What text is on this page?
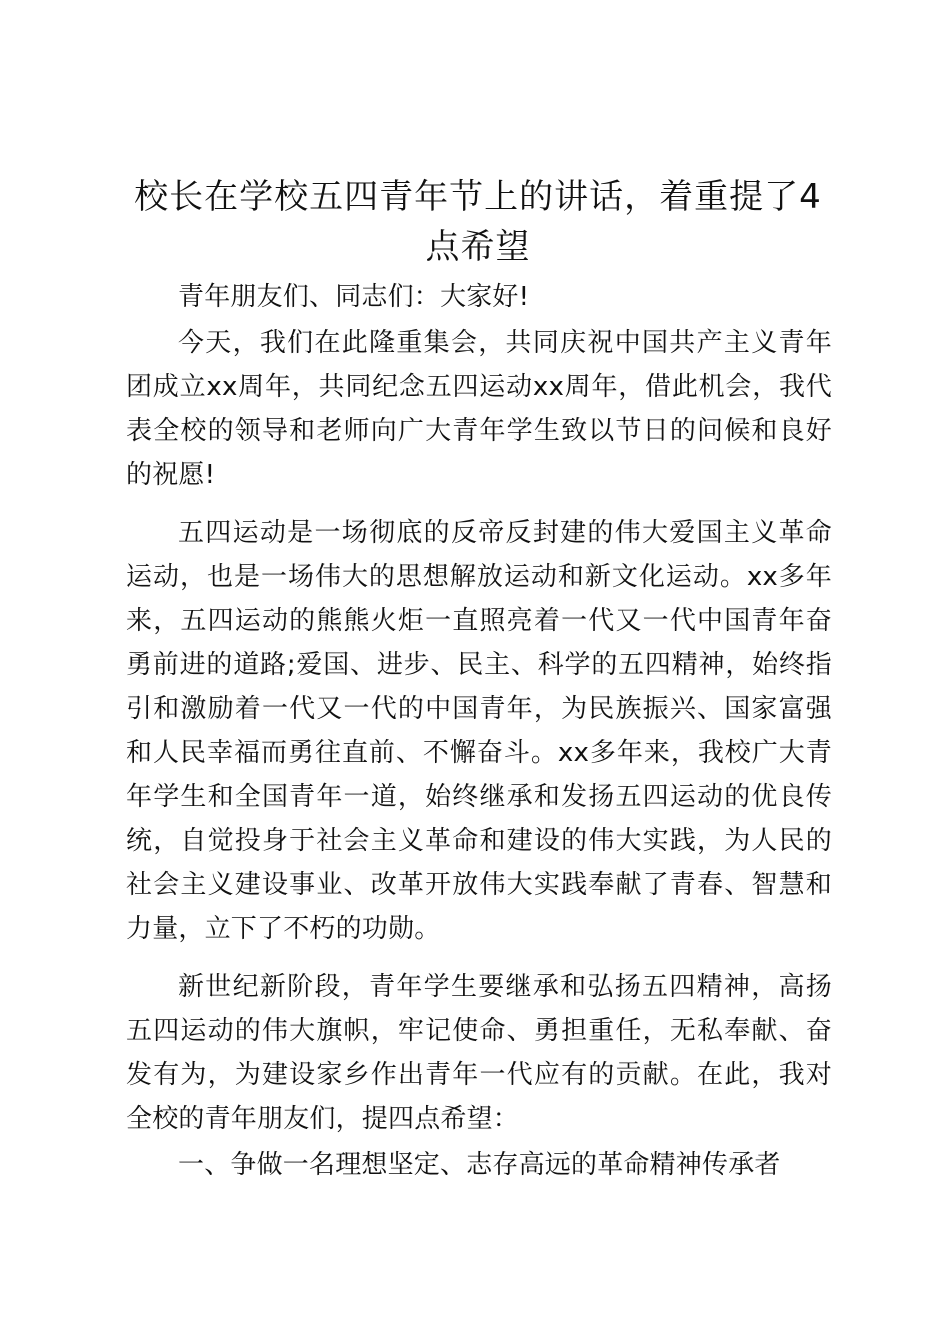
校长在学校五四青年节上的讲话，着重提了4点希望

青年朋友们、同志们：大家好!

今天，我们在此隆重集会，共同庆祝中国共产主义青年团成立xx周年，共同纪念五四运动xx周年，借此机会，我代表全校的领导和老师向广大青年学生致以节日的问候和良好的祝愿!

五四运动是一场彻底的反帝反封建的伟大爱国主义革命运动，也是一场伟大的思想解放运动和新文化运动。xx多年来，五四运动的熊熊火炬一直照亮着一代又一代中国青年奋勇前进的道路;爱国、进步、民主、科学的五四精神，始终指引和激励着一代又一代的中国青年，为民族振兴、国家富强和人民幸福而勇往直前、不懈奋斗。xx多年来，我校广大青年学生和全国青年一道，始终继承和发扬五四运动的优良传统，自觉投身于社会主义革命和建设的伟大实践，为人民的社会主义建设事业、改革开放伟大实践奉献了青春、智慧和力量，立下了不朽的功勋。

新世纪新阶段，青年学生要继承和弘扬五四精神，高扬五四运动的伟大旗帜，牢记使命、勇担重任，无私奉献、奋发有为，为建设家乡作出青年一代应有的贡献。在此，我对全校的青年朋友们，提四点希望：

一、争做一名理想坚定、志存高远的革命精神传承者
